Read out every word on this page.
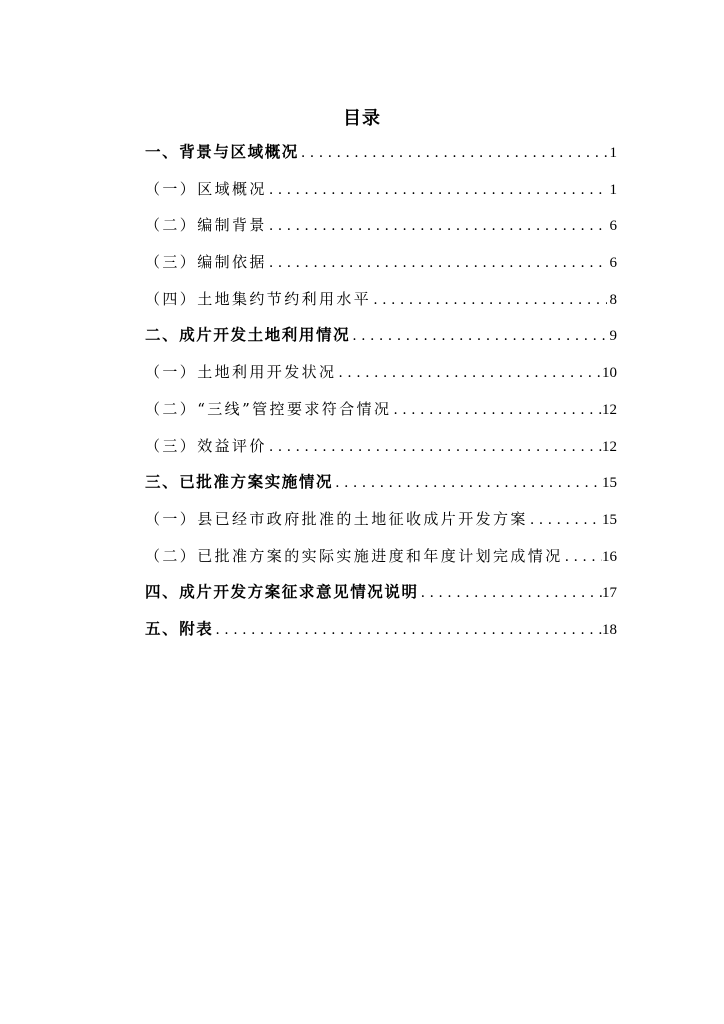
目录
一、背景与区域概况 . . .	1
（一）区域概况 . . .	1
（二）编制背景 . . .	6
（三）编制依据 . . .	6
（四）土地集约节约利用水平 . . .	8
二、成片开发土地利用情况 . . .	9
（一）土地利用开发状况 . . .	10
（二）“三线”管控要求符合情况 . . .	12
（三）效益评价 . . .	12
三、已批准方案实施情况 . . .	15
（一）县已经市政府批准的土地征收成片开发方案 . . .	15
（二）已批准方案的实际实施进度和年度计划完成情况 . . .	16
四、成片开发方案征求意见情况说明 . . .	17
五、附表 . . .	18
